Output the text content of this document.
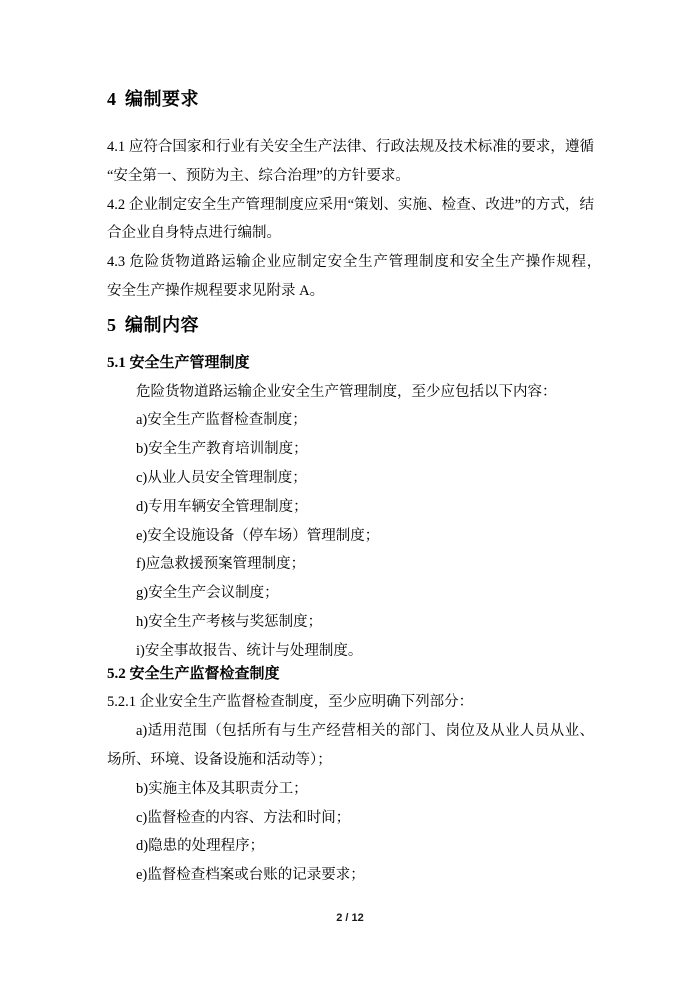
4 编制要求

4.1 应符合国家和行业有关安全生产法律、行政法规及技术标准的要求，遵循“安全第一、预防为主、综合治理”的方针要求。

4.2 企业制定安全生产管理制度应采用“策划、实施、检查、改进”的方式，结合企业自身特点进行编制。

4.3 危险货物道路运输企业应制定安全生产管理制度和安全生产操作规程，　安全生产操作规程要求见附录 A。

5 编制内容
5.1 安全生产管理制度

危险货物道路运输企业安全生产管理制度，至少应包括以下内容：

a)安全生产监督检查制度；

b)安全生产教育培训制度；

c)从业人员安全管理制度；

d)专用车辆安全管理制度；

e)安全设施设备（停车场）管理制度；

f)应急救援预案管理制度；

g)安全生产会议制度；

h)安全生产考核与奖惩制度；

i)安全事故报告、统计与处理制度。

5.2 安全生产监督检查制度

5.2.1 企业安全生产监督检查制度，至少应明确下列部分：

a)适用范围（包括所有与生产经营相关的部门、岗位及从业人员从业、场所、环境、设备设施和活动等）；

b)实施主体及其职责分工；

c)监督检查的内容、方法和时间；

d)隐患的处理程序；

e)监督检查档案或台账的记录要求；

2 / 12
